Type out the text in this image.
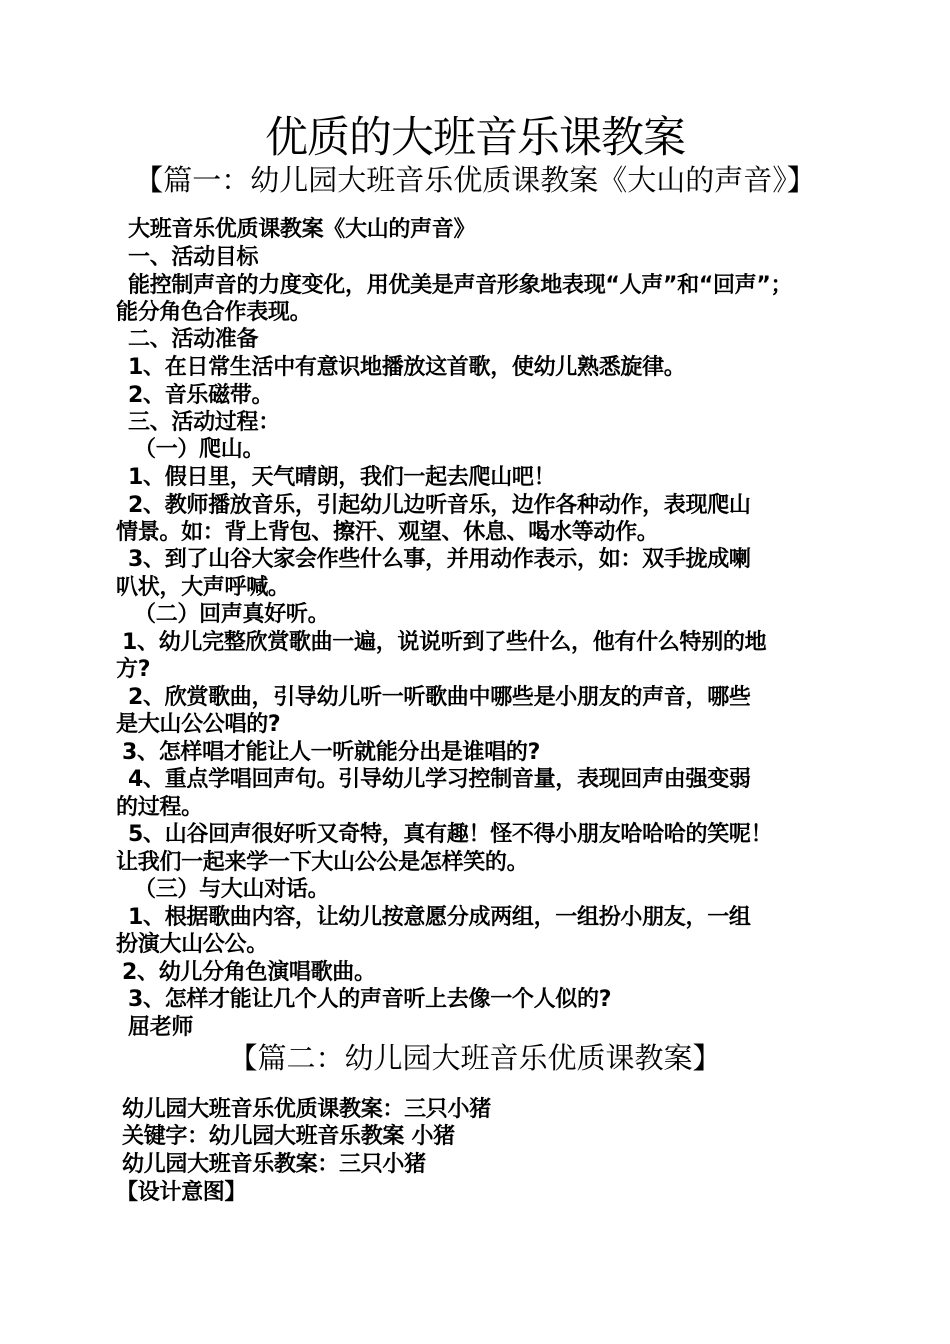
优质的大班音乐课教案
【篇一：幼儿园大班音乐优质课教案《大山的声音》】
大班音乐优质课教案《大山的声音》
一、活动目标
能控制声音的力度变化，用优美是声音形象地表现“人声”和“回声”；
能分角色合作表现。
二、活动准备
1、在日常生活中有意识地播放这首歌，使幼儿熟悉旋律。
2、音乐磁带。
三、活动过程：
（一）爬山。
1、假日里，天气晴朗，我们一起去爬山吧！
2、教师播放音乐，引起幼儿边听音乐，边作各种动作，表现爬山
情景。如：背上背包、擦汗、观望、休息、喝水等动作。
3、到了山谷大家会作些什么事，并用动作表示，如：双手拢成喇
叭状，大声呼喊。
（二）回声真好听。
1、幼儿完整欣赏歌曲一遍，说说听到了些什么，他有什么特别的地
方?
2、欣赏歌曲，引导幼儿听一听歌曲中哪些是小朋友的声音，哪些
是大山公公唱的?
3、怎样唱才能让人一听就能分出是谁唱的?
4、重点学唱回声句。引导幼儿学习控制音量，表现回声由强变弱
的过程。
5、山谷回声很好听又奇特，真有趣！怪不得小朋友哈哈哈的笑呢！
让我们一起来学一下大山公公是怎样笑的。
（三）与大山对话。
1、根据歌曲内容，让幼儿按意愿分成两组，一组扮小朋友，一组
扮演大山公公。
2、幼儿分角色演唱歌曲。
3、怎样才能让几个人的声音听上去像一个人似的?
屈老师
【篇二：幼儿园大班音乐优质课教案】
幼儿园大班音乐优质课教案：三只小猪
关键字：幼儿园大班音乐教案 小猪
幼儿园大班音乐教案：三只小猪
【设计意图】
